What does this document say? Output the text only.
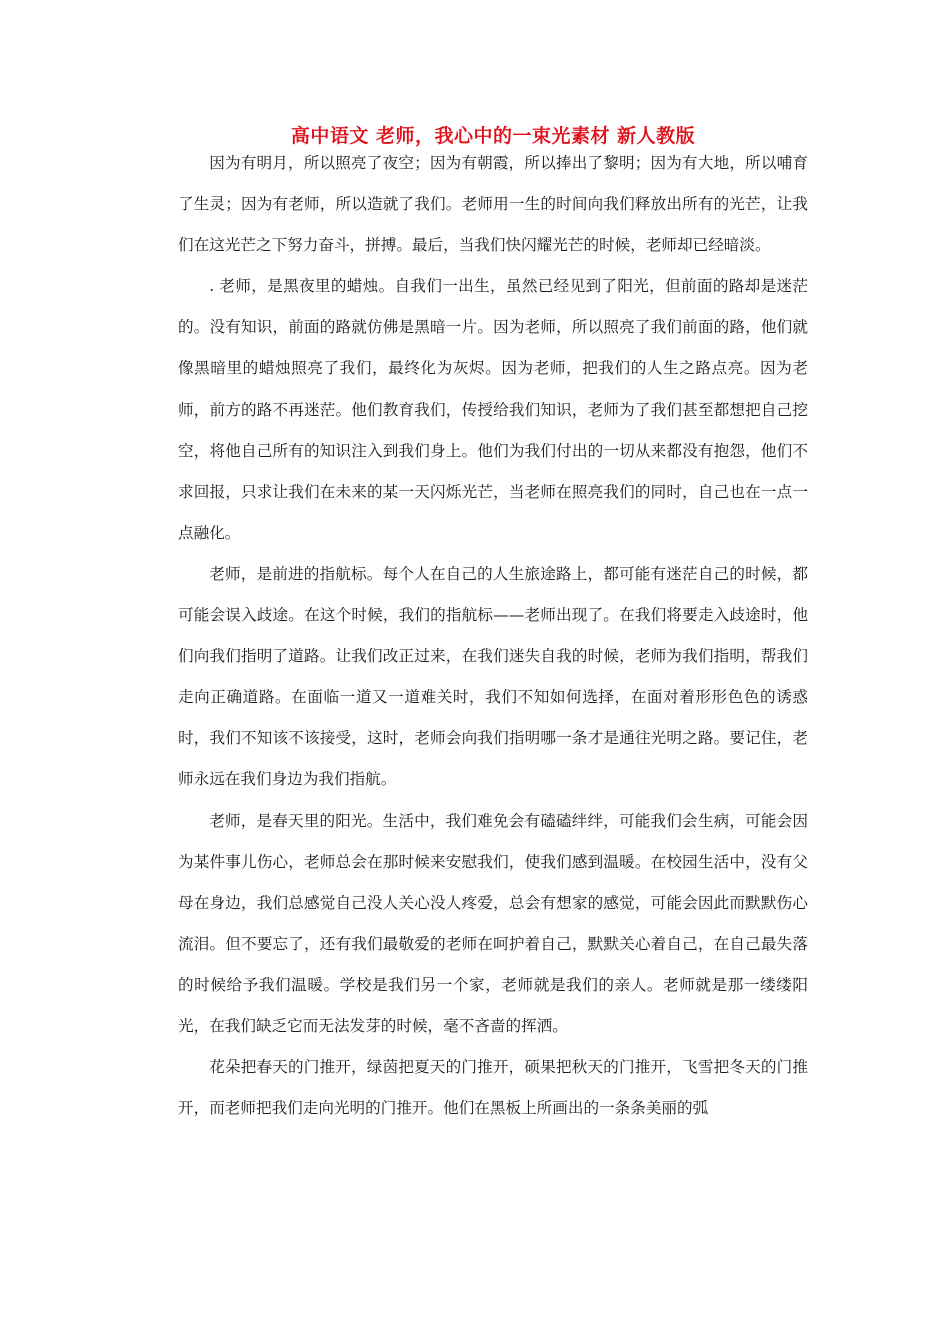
高中语文 老师，我心中的一束光素材 新人教版

因为有明月，所以照亮了夜空；因为有朝霞，所以捧出了黎明；因为有大地，所以哺育了生灵；因为有老师，所以造就了我们。老师用一生的时间向我们释放出所有的光芒，让我们在这光芒之下努力奋斗，拼搏。最后，当我们快闪耀光芒的时候，老师却已经暗淡。

. 老师，是黑夜里的蜡烛。自我们一出生，虽然已经见到了阳光，但前面的路却是迷茫的。没有知识，前面的路就仿佛是黑暗一片。因为老师，所以照亮了我们前面的路，他们就像黑暗里的蜡烛照亮了我们，最终化为灰烬。因为老师，把我们的人生之路点亮。因为老师，前方的路不再迷茫。他们教育我们，传授给我们知识，老师为了我们甚至都想把自己挖空，将他自己所有的知识注入到我们身上。他们为我们付出的一切从来都没有抱怨，他们不求回报，只求让我们在未来的某一天闪烁光芒，当老师在照亮我们的同时，自己也在一点一点融化。

老师，是前进的指航标。每个人在自己的人生旅途路上，都可能有迷茫自己的时候，都可能会误入歧途。在这个时候，我们的指航标——老师出现了。在我们将要走入歧途时，他们向我们指明了道路。让我们改正过来，在我们迷失自我的时候，老师为我们指明，帮我们走向正确道路。在面临一道又一道难关时，我们不知如何选择，在面对着形形色色的诱惑时，我们不知该不该接受，这时，老师会向我们指明哪一条才是通往光明之路。要记住，老师永远在我们身边为我们指航。

老师，是春天里的阳光。生活中，我们难免会有磕磕绊绊，可能我们会生病，可能会因为某件事儿伤心，老师总会在那时候来安慰我们，使我们感到温暖。在校园生活中，没有父母在身边，我们总感觉自己没人关心没人疼爱，总会有想家的感觉，可能会因此而默默伤心流泪。但不要忘了，还有我们最敬爱的老师在呵护着自己，默默关心着自己，在自己最失落的时候给予我们温暖。学校是我们另一个家，老师就是我们的亲人。老师就是那一缕缕阳光，在我们缺乏它而无法发芽的时候，毫不吝啬的挥洒。

花朵把春天的门推开，绿茵把夏天的门推开，硕果把秋天的门推开，飞雪把冬天的门推开，而老师把我们走向光明的门推开。他们在黑板上所画出的一条条美丽的弧
